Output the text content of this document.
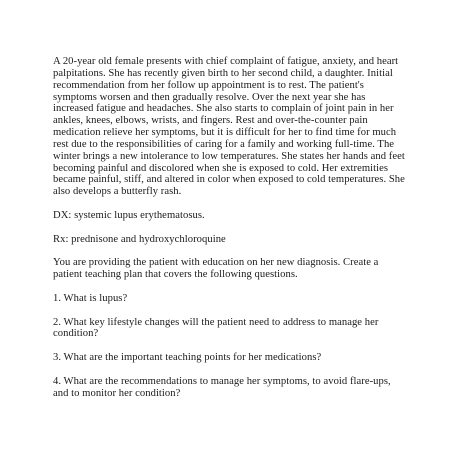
A 20-year old female presents with chief complaint of fatigue, anxiety, and heart palpitations. She has recently given birth to her second child, a daughter. Initial recommendation from her follow up appointment is to rest. The patient's symptoms worsen and then gradually resolve. Over the next year she has increased fatigue and headaches. She also starts to complain of joint pain in her ankles, knees, elbows, wrists, and fingers. Rest and over-the-counter pain medication relieve her symptoms, but it is difficult for her to find time for much rest due to the responsibilities of caring for a family and working full-time. The winter brings a new intolerance to low temperatures. She states her hands and feet becoming painful and discolored when she is exposed to cold. Her extremities became painful, stiff, and altered in color when exposed to cold temperatures. She also develops a butterfly rash.

DX: systemic lupus erythematosus.

Rx: prednisone and hydroxychloroquine

You are providing the patient with education on her new diagnosis. Create a patient teaching plan that covers the following questions.

1. What is lupus?

2. What key lifestyle changes will the patient need to address to manage her condition?

3. What are the important teaching points for her medications?

4. What are the recommendations to manage her symptoms, to avoid flare-ups, and to monitor her condition?
